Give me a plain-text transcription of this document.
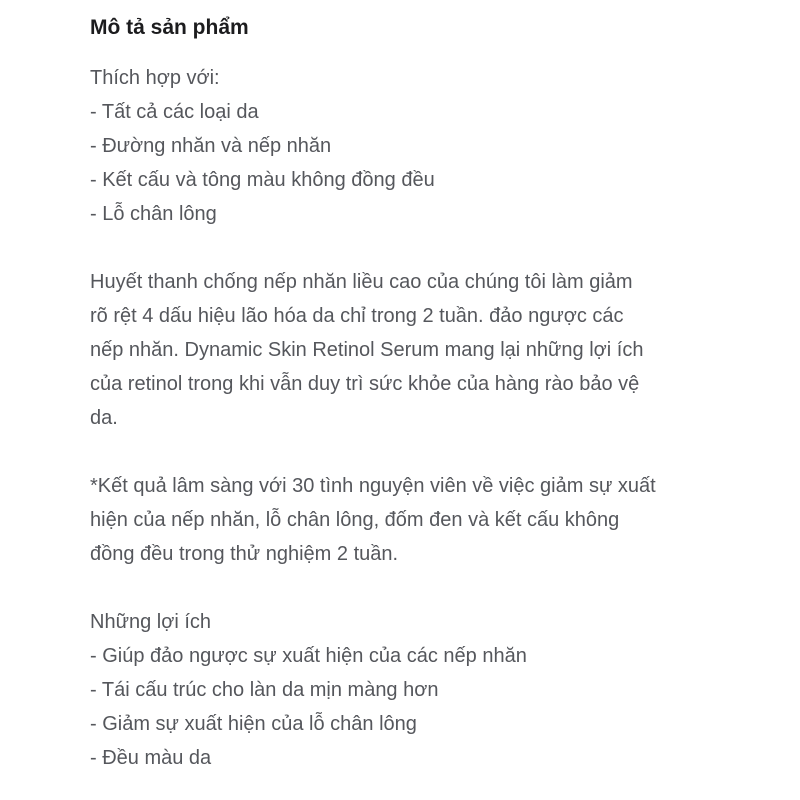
Mô tả sản phẩm
Thích hợp với:
- Tất cả các loại da
- Đường nhăn và nếp nhăn
- Kết cấu và tông màu không đồng đều
- Lỗ chân lông
Huyết thanh chống nếp nhăn liều cao của chúng tôi làm giảm
rõ rệt 4 dấu hiệu lão hóa da chỉ trong 2 tuần. đảo ngược các
nếp nhăn. Dynamic Skin Retinol Serum mang lại những lợi ích
của retinol trong khi vẫn duy trì sức khỏe của hàng rào bảo vệ
da.
*Kết quả lâm sàng với 30 tình nguyện viên về việc giảm sự xuất
hiện của nếp nhăn, lỗ chân lông, đốm đen và kết cấu không
đồng đều trong thử nghiệm 2 tuần.
Những lợi ích
- Giúp đảo ngược sự xuất hiện của các nếp nhăn
- Tái cấu trúc cho làn da mịn màng hơn
- Giảm sự xuất hiện của lỗ chân lông
- Đều màu da
